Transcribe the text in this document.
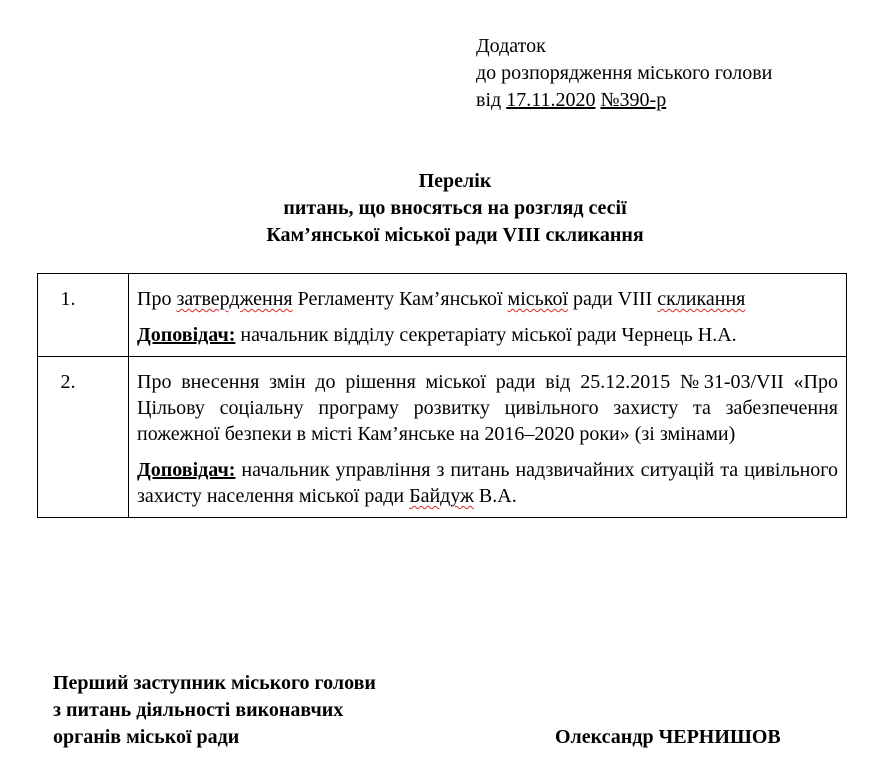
Додаток
до розпорядження міського голови
від 17.11.2020 №390-р
Перелік
питань, що вносяться на розгляд сесії
Кам’янської міської ради VIII скликання
1.	Про затвердження Регламенту Кам’янської міської ради VIII скликання

Доповідач: начальник відділу секретаріату міської ради Чернець Н.А.

2.	Про внесення змін до рішення міської ради від 25.12.2015 №31-03/VII «Про Цільову соціальну програму розвитку цивільного захисту та забезпечення пожежної безпеки в місті Кам’янське на 2016–2020 роки» (зі змінами)

Доповідач: начальник управління з питань надзвичайних ситуацій та цивільного захисту населення міської ради Байдуж В.А.

Перший заступник міського голови
з питань діяльності виконавчих
органів міської ради	Олександр ЧЕРНИШОВ
